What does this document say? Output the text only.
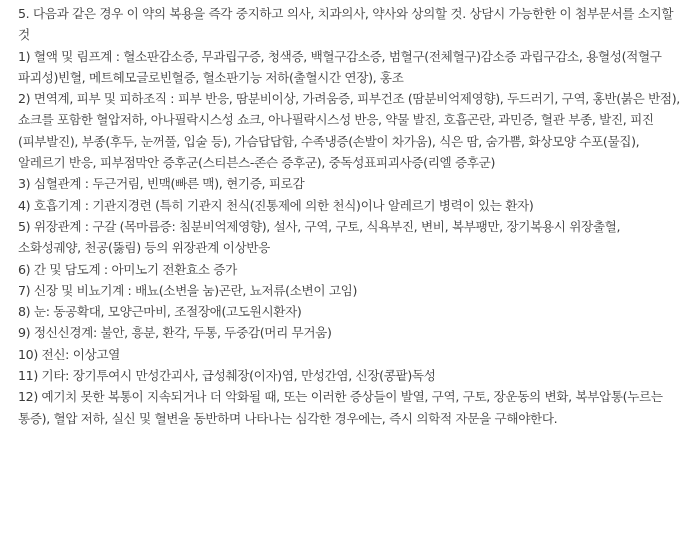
5. 다음과 같은 경우 이 약의 복용을 즉각 중지하고 의사, 치과의사, 약사와 상의할 것. 상담시 가능한한 이 첨부문서를 소지할 것

1) 혈액 및 림프계 : 혈소판감소증, 무과립구증, 청색증, 백혈구감소증, 범혈구(전체혈구)감소증 과립구감소, 용혈성(적혈구 파괴성)빈혈, 메트헤모글로빈혈증, 혈소판기능 저하(출혈시간 연장), 홍조

2) 면역계, 피부 및 피하조직 : 피부 반응, 땀분비이상, 가려움증, 피부건조 (땀분비억제영향), 두드러기, 구역, 홍반(붉은 반점), 쇼크를 포함한 혈압저하, 아나필락시스성 쇼크, 아나필락시스성 반응, 약물 발진, 호흡곤란, 과민증, 혈관 부종, 발진, 피진(피부발진), 부종(후두, 눈꺼풀, 입술 등), 가슴답답함, 수족냉증(손발이 차가움), 식은 땀, 숨가쁨, 화상모양 수포(물집), 알레르기 반응, 피부점막안 증후군(스티븐스-존슨 증후군), 중독성표피괴사증(리엘 증후군)

3) 심혈관계 : 두근거림, 빈맥(빠른 맥), 현기증, 피로감

4) 호흡기계 : 기관지경련 (특히 기관지 천식(진통제에 의한 천식)이나 알레르기 병력이 있는 환자)

5) 위장관계 : 구갈 (목마름증: 침분비억제영향), 설사, 구역, 구토, 식욕부진, 변비, 복부팽만, 장기복용시 위장출혈, 소화성궤양, 천공(뚫림) 등의 위장관계 이상반응

6) 간 및 담도계 : 아미노기 전환효소 증가

7) 신장 및 비뇨기계 : 배뇨(소변을 눔)곤란, 뇨저류(소변이 고임)

8) 눈: 동공확대, 모양근마비, 조절장애(고도원시환자)

9) 정신신경계: 불안, 흥분, 환각, 두통, 두중감(머리 무거움)

10) 전신: 이상고열

11) 기타: 장기투여시 만성간괴사, 급성췌장(이자)염, 만성간염, 신장(콩팥)독성

12) 예기치 못한 복통이 지속되거나 더 악화될 때, 또는 이러한 증상들이 발열, 구역, 구토, 장운동의 변화, 복부압통(누르는 통증), 혈압 저하, 실신 및 혈변을 동반하며 나타나는 심각한 경우에는, 즉시 의학적 자문을 구해야한다.
